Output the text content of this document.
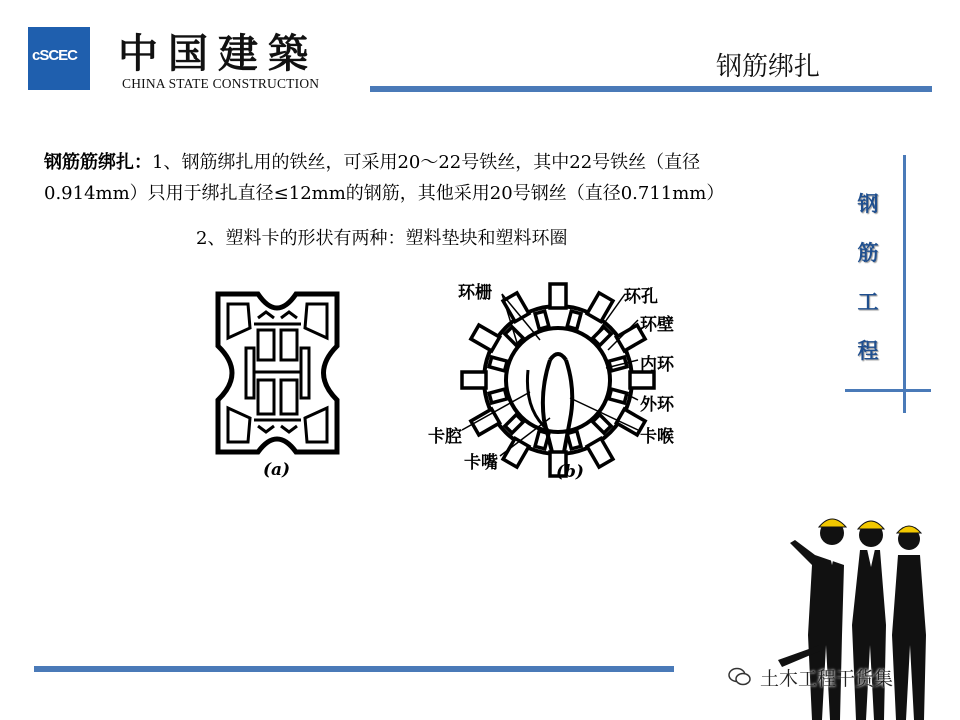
cSCEC 中国建築
CHINA STATE CONSTRUCTION
钢筋绑扎
钢筋筋绑扎：1、钢筋绑扎用的铁丝，可采用20～22号铁丝，其中22号铁丝（直径
0.914mm）只用于绑扎直径≤12mm的钢筋，其他采用20号钢丝（直径0.711mm）
2、塑料卡的形状有两种：塑料垫块和塑料环圈
钢
筋
工
程
(a)
环栅	环孔
环壁
内环
外环
卡腔	卡喉
卡嘴	(b)
土木工程干货集
